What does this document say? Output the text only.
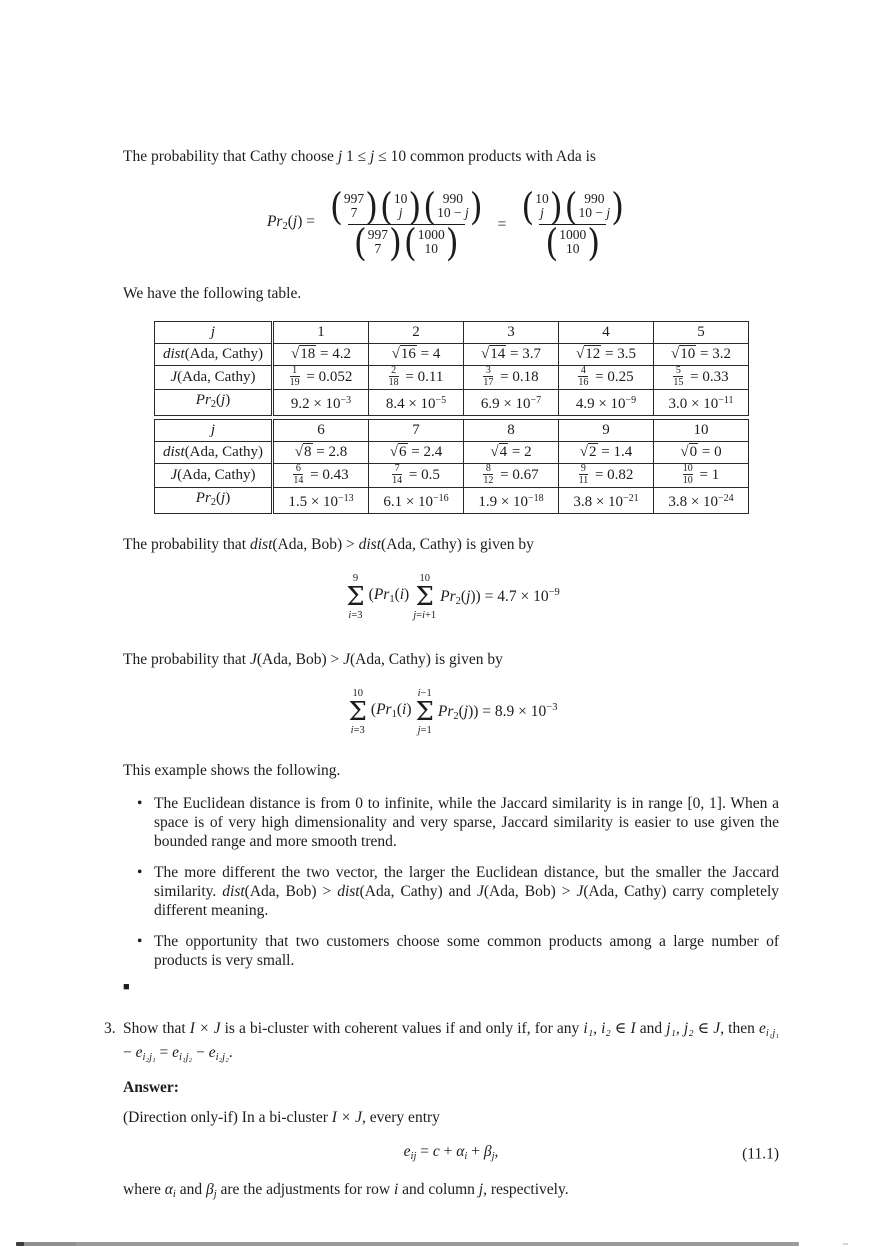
The probability that Cathy choose j 1 ≤ j ≤ 10 common products with Ada is

Pr2(j) = ( 997
7 ) ( 10
j ) ( 990
10 − j )
( 997
7 ) ( 1000
10 ) = ( 10
j ) ( 990
10 − j )
( 1000
10 )

We have the following table.

j	1	2	3	4	5
dist(Ada, Cathy)	√18 = 4.2	√16 = 4	√14 = 3.7	√12 = 3.5	√10 = 3.2
J(Ada, Cathy)	$\frac{1}{19} = 0.052$	$\frac{2}{18} = 0.11$	$\frac{3}{17} = 0.18$	$\frac{4}{16} = 0.25$	$\frac{5}{15} = 0.33$
$Pr_2(j)$	$9.2 \times 10^{-3}$	$8.4 \times 10^{-5}$	$6.9 \times 10^{-7}$	$4.9 \times 10^{-9}$	$3.0 \times 10^{-11}$
j	6	7	8	9	10
dist(Ada, Cathy)	√8 = 2.8	√6 = 2.4	√4 = 2	√2 = 1.4	√0 = 0
J(Ada, Cathy)	$\frac{6}{14} = 0.43$	$\frac{7}{14} = 0.5$	$\frac{8}{12} = 0.67$	$\frac{9}{11} = 0.82$	$\frac{10}{10} = 1$
$Pr_2(j)$	$1.5 \times 10^{-13}$	$6.1 \times 10^{-16}$	$1.9 \times 10^{-18}$	$3.8 \times 10^{-21}$	$3.8 \times 10^{-24}$

The probability that dist(Ada, Bob) > dist(Ada, Cathy) is given by

9
Σ
i=3
(Pr1(i)
10
Σ
j=i+1
$Pr2(j)) = 4.7 \times 10^{-9}$

The probability that J(Ada, Bob) > J(Ada, Cathy) is given by

10
Σ
i=3
(Pr1(i)
i−1
Σ
j=1
$Pr2(j)) = 8.9 \times 10^{-3}$

This example shows the following.

• The Euclidean distance is from 0 to infinite, while the Jaccard similarity is in range [0, 1]. When a space is of very high dimensionality and very sparse, Jaccard similarity is easier to use given the bounded range and more smooth trend.
• The more different the two vector, the larger the Euclidean distance, but the smaller the Jaccard similarity. dist(Ada, Bob) > dist(Ada, Cathy) and J(Ada, Bob) > J(Ada, Cathy) carry completely different meaning.
• The opportunity that two customers choose some common products among a large number of products is very small.
■
3. Show that I × J is a bi-cluster with coherent values if and only if, for any i₁, i₂ ∈ I and j₁, j₂ ∈ J, then ei₁j₁ − ei₂j₁ = ei₁j₂ − ei₂j₂.

Answer:

(Direction only-if) In a bi-cluster I × J, every entry

eij = c + αi + βj,	(11.1)

where αi and βj are the adjustments for row i and column j, respectively.
